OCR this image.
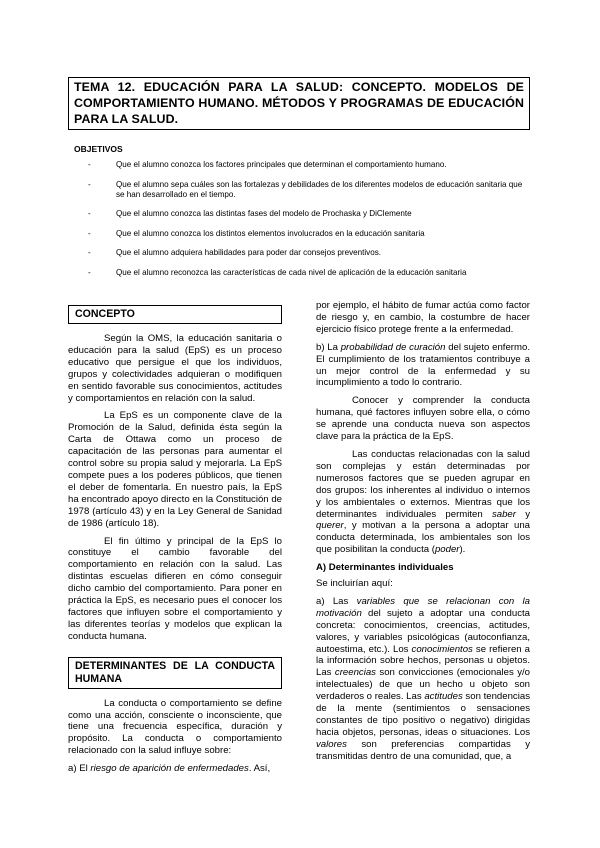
TEMA 12. EDUCACIÓN PARA LA SALUD: CONCEPTO. MODELOS DE COMPORTAMIENTO HUMANO. MÉTODOS Y PROGRAMAS DE EDUCACIÓN PARA LA SALUD.
OBJETIVOS
-	Que el alumno conozca los factores principales que determinan el comportamiento humano.
-	Que el alumno sepa cuáles son las fortalezas y debilidades de los diferentes modelos de educación sanitaria que se han desarrollado en el tiempo.
-	Que el alumno conozca las distintas fases del modelo de Prochaska y DiClemente
-	Que el alumno conozca los distintos elementos involucrados en la educación sanitaria
-	Que el alumno adquiera habilidades para poder dar consejos preventivos.
-	Que el alumno reconozca las características de cada nivel de aplicación de la educación sanitaria
CONCEPTO

Según la OMS, la educación sanitaria o educación para la salud (EpS) es un proceso educativo que persigue el que los individuos, grupos y colectividades adquieran o modifiquen en sentido favorable sus conocimientos, actitudes y comportamientos en relación con la salud.

La EpS es un componente clave de la Promoción de la Salud, definida ésta según la Carta de Ottawa como un proceso de capacitación de las personas para aumentar el control sobre su propia salud y mejorarla. La EpS compete pues a los poderes públicos, que tienen el deber de fomentarla. En nuestro país, la EpS ha encontrado apoyo directo en la Constitución de 1978 (artículo 43) y en la Ley General de Sanidad de 1986 (artículo 18).

El fin último y principal de la EpS lo constituye el cambio favorable del comportamiento en relación con la salud. Las distintas escuelas difieren en cómo conseguir dicho cambio del comportamiento. Para poner en práctica la EpS, es necesario pues el conocer los factores que influyen sobre el comportamiento y las diferentes teorías y modelos que explican la conducta humana.

DETERMINANTES DE LA CONDUCTA HUMANA

La conducta o comportamiento se define como una acción, consciente o inconsciente, que tiene una frecuencia específica, duración y propósito. La conducta o comportamiento relacionado con la salud influye sobre:

a) El riesgo de aparición de enfermedades. Así,

por ejemplo, el hábito de fumar actúa como factor de riesgo y, en cambio, la costumbre de hacer ejercicio físico protege frente a la enfermedad.

b) La probabilidad de curación del sujeto enfermo. El cumplimiento de los tratamientos contribuye a un mejor control de la enfermedad y su incumplimiento a todo lo contrario.

Conocer y comprender la conducta humana, qué factores influyen sobre ella, o cómo se aprende una conducta nueva son aspectos clave para la práctica de la EpS.

Las conductas relacionadas con la salud son complejas y están determinadas por numerosos factores que se pueden agrupar en dos grupos: los inherentes al individuo o internos y los ambientales o externos. Mientras que los determinantes individuales permiten saber y querer, y motivan a la persona a adoptar una conducta determinada, los ambientales son los que posibilitan la conducta (poder).

A) Determinantes individuales

Se incluirían aquí:

a) Las variables que se relacionan con la motivación del sujeto a adoptar una conducta concreta: conocimientos, creencias, actitudes, valores, y variables psicológicas (autoconfianza, autoestima, etc.). Los conocimientos se refieren a la información sobre hechos, personas u objetos. Las creencias son convicciones (emocionales y/o intelectuales) de que un hecho u objeto son verdaderos o reales. Las actitudes son tendencias de la mente (sentimientos o sensaciones constantes de tipo positivo o negativo) dirigidas hacia objetos, personas, ideas o situaciones. Los valores son preferencias compartidas y transmitidas dentro de una comunidad, que, a
